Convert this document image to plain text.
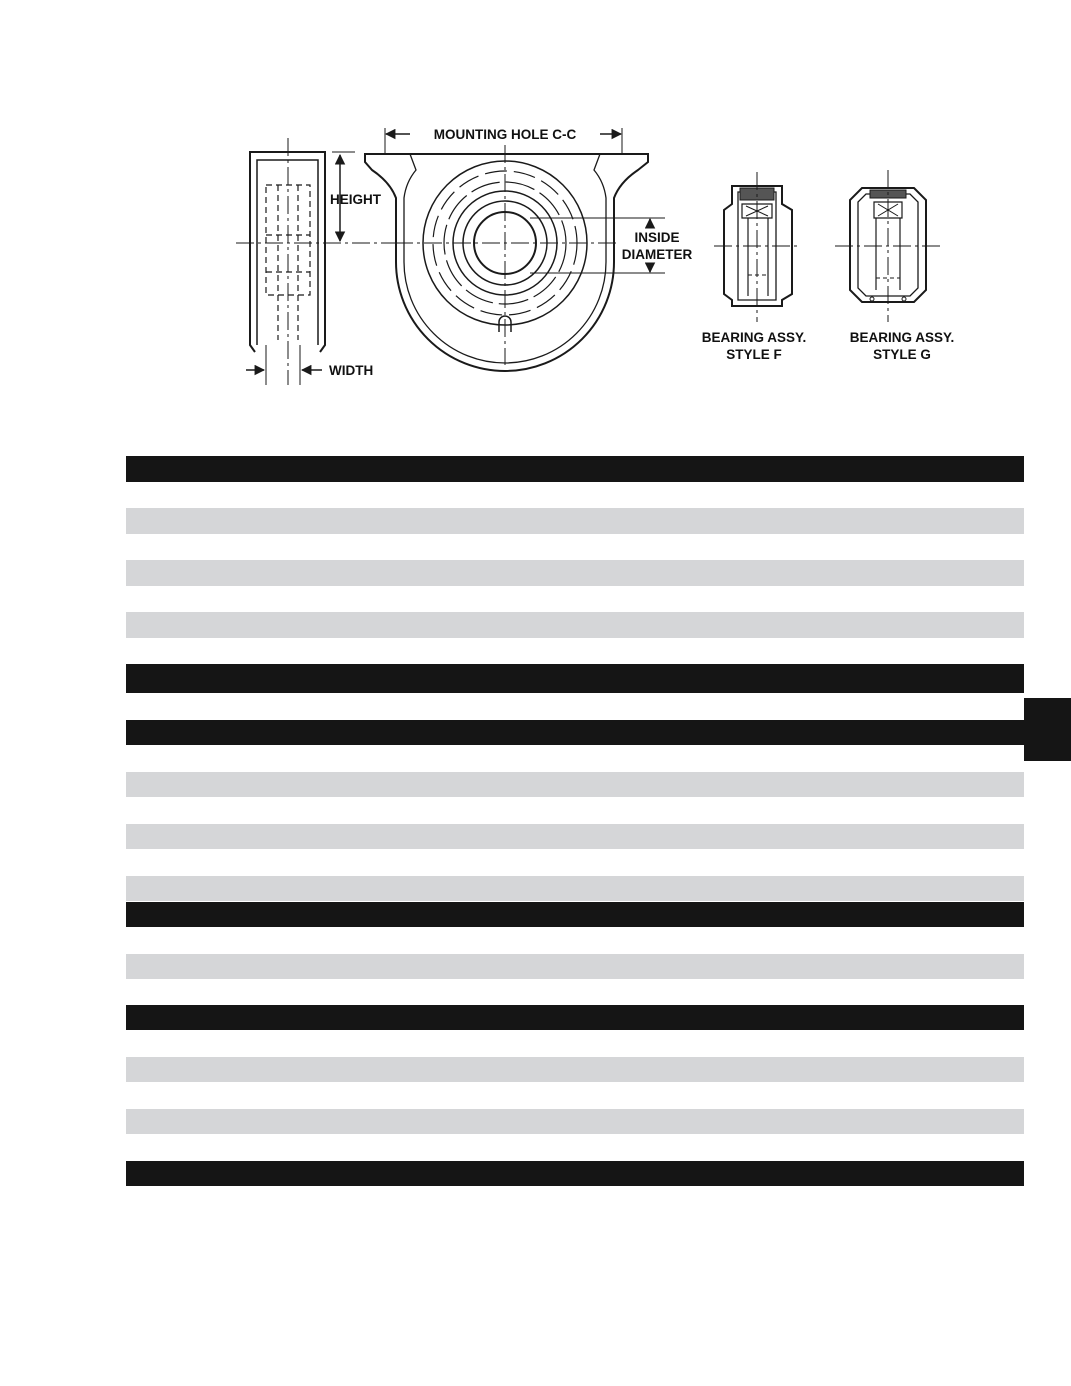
HEIGHT
WIDTH
MOUNTING HOLE C-C
INSIDE
DIAMETER
BEARING ASSY.
STYLE F
BEARING ASSY.
STYLE G
